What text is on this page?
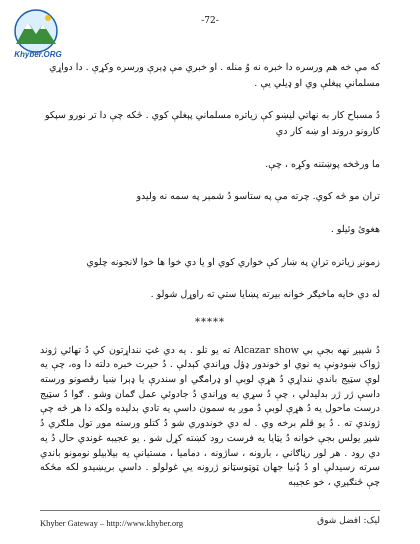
Khyber.ORG
-72-

که مې خه هم ورسره دا خبره نه وُ منله . او خبري مې ډېرې ورسره وکړې . دا دواړي مسلماني پېغلې وي او ډيلي يې .

دُ مسباح کار به نهاتي ليښو کې زياتره مسلماني پېغلې کوي . څکه چې دا تر نورو سپکو کارونو دروند او ښه کار دي

ما ورڅخه پوښتنه وکړه ، چې.

تران مو څه کوي. چرته مې په ستاسو دُ شمېر په سمه نه وليدو

هغوئ وئيلو .

زمونږ زياتره ترانِ په ښار کې خواري کوي او يا دي خوا ها خوا لانجونه چلوي

له دي خايه ماخيګر خوانه بيرته پښايا ستي ته راوړل شولو .

*****

دُ شپېږ نهه بجې بي Alcazar show ته يو تلو . يه دي غټ ننداړتون کي دُ تهائي ژوند ژواک ښودونې يه نوي او خوندور ډؤل وړاندي کېدلې . دُ حيرت خبره دلته دا وه، چې يه لوې سټيج باندي ننداړي دُ هړې لوبې او ډرامګي او سندرې يا ډېرا ښيا رقصونو ورسته داسې ژر ژر بدليدلي ، چې دُ سړي يه وړاندي دُ جادوئي عمل ګمان وشو . ګوا دُ سټيج درست ماحول يه دُ هړې لوبې دُ موږ يه سمون داسې يه تادي بدليده ولکه دا هر څه چې ژوندي ته . دُ يو قلم برخه وي . له دي خوندوري شو دُ کتلو ورسته موږ تول ملګري دُ شپږ يولس بجې خوانه دُ يټايا يه فرست رود کښته کړل شو . يو عجيبه غوندي حال دُ يه دي رود . هر لور رڼاګاني ، بارونه ، ساژونه ، دماميا ، مستيانې يه بيلابيلو نومونو باندي سرته رسيدلې او دُ ډُنيا جهان ټوټوسټانو ژرونه يي غولولو . داسي بريښيدو لکه مڅکه چې څنګېږي ، خو عجيبه

Khyber Gateway – http://www.khyber.org	ليک: افضل شوق
